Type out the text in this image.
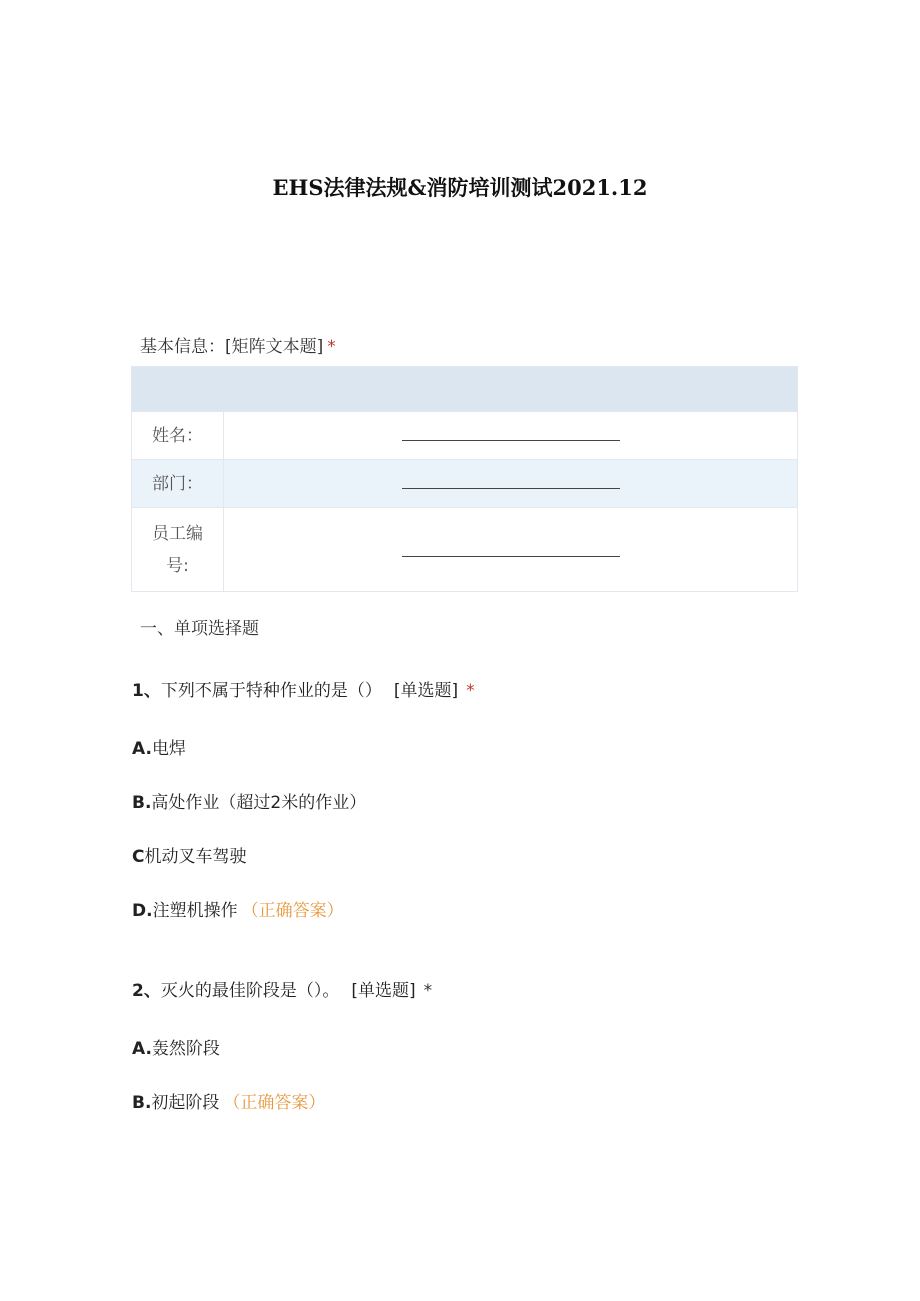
EHS法律法规&消防培训测试2021.12
基本信息：[矩阵文本题] *
姓名：
部门：
员工编号:
一、单项选择题
1、下列不属于特种作业的是（） [单选题] *
A.电焊
B.高处作业（超过2米的作业）
C机动叉车驾驶
D.注塑机操作 （正确答案）
2、灭火的最佳阶段是（）。 [单选题] *
A.轰然阶段
B.初起阶段 （正确答案）
